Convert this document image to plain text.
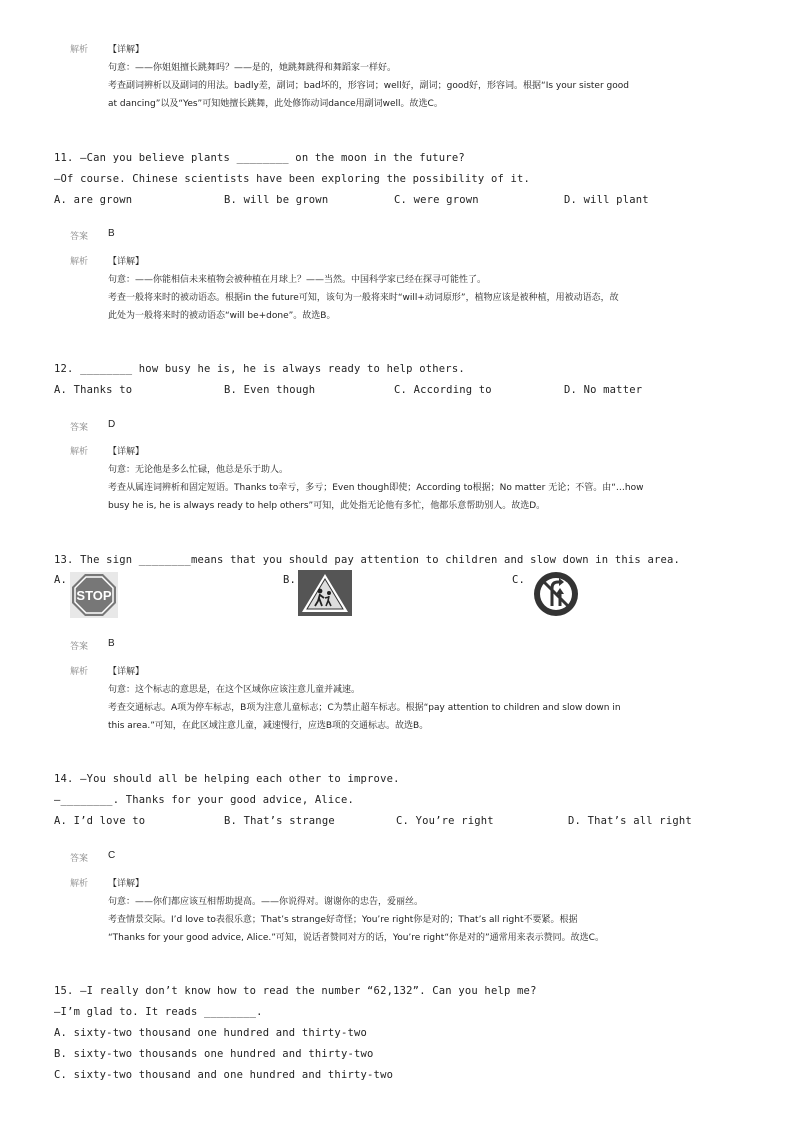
解析 【详解】
句意：——你姐姐擅长跳舞吗？——是的，她跳舞跳得和舞蹈家一样好。
考查副词辨析以及副词的用法。badly差，副词；bad坏的，形容词；well好，副词；good好，形容词。根据“Is your sister good
at dancing”以及“Yes”可知她擅长跳舞，此处修饰动词dance用副词well。故选C。
11. —Can you believe plants ________ on the moon in the future?
—Of course. Chinese scientists have been exploring the possibility of it.
A. are grown	B. will be grown	C. were grown	D. will plant
答案 B
解析 【详解】
句意：——你能相信未来植物会被种植在月球上？——当然。中国科学家已经在探寻可能性了。
考查一般将来时的被动语态。根据in the future可知，该句为一般将来时“will+动词原形”，植物应该是被种植，用被动语态，故
此处为一般将来时的被动语态“will be+done”。故选B。
12. ________ how busy he is, he is always ready to help others.
A. Thanks to	B. Even though	C. According to	D. No matter
答案 D
解析 【详解】
句意：无论他是多么忙碌，他总是乐于助人。
考查从属连词辨析和固定短语。Thanks to幸亏，多亏；Even though即使；According to根据；No matter 无论；不管。由“…how
busy he is, he is always ready to help others”可知，此处指无论他有多忙，他都乐意帮助别人。故选D。
13. The sign ________means that you should pay attention to children and slow down in this area.
A.	B.	C.
STOP
答案 B
解析 【详解】
句意：这个标志的意思是，在这个区域你应该注意儿童并减速。
考查交通标志。A项为停车标志，B项为注意儿童标志；C为禁止超车标志。根据“pay attention to children and slow down in
this area.”可知，在此区域注意儿童，减速慢行，应选B项的交通标志。故选B。
14. —You should all be helping each other to improve.
—________. Thanks for your good advice, Alice.
A. I’d love to	B. That’s strange	C. You’re right	D. That’s all right
答案 C
解析 【详解】
句意：——你们都应该互相帮助提高。——你说得对。谢谢你的忠告，爱丽丝。
考查情景交际。I’d love to表很乐意；That’s strange好奇怪；You’re right你是对的；That’s all right不要紧。根据
“Thanks for your good advice, Alice.”可知，说话者赞同对方的话，You’re right“你是对的”通常用来表示赞同。故选C。
15. —I really don’t know how to read the number “62,132”. Can you help me?
—I’m glad to. It reads ________.
A. sixty-two thousand one hundred and thirty-two
B. sixty-two thousands one hundred and thirty-two
C. sixty-two thousand and one hundred and thirty-two
